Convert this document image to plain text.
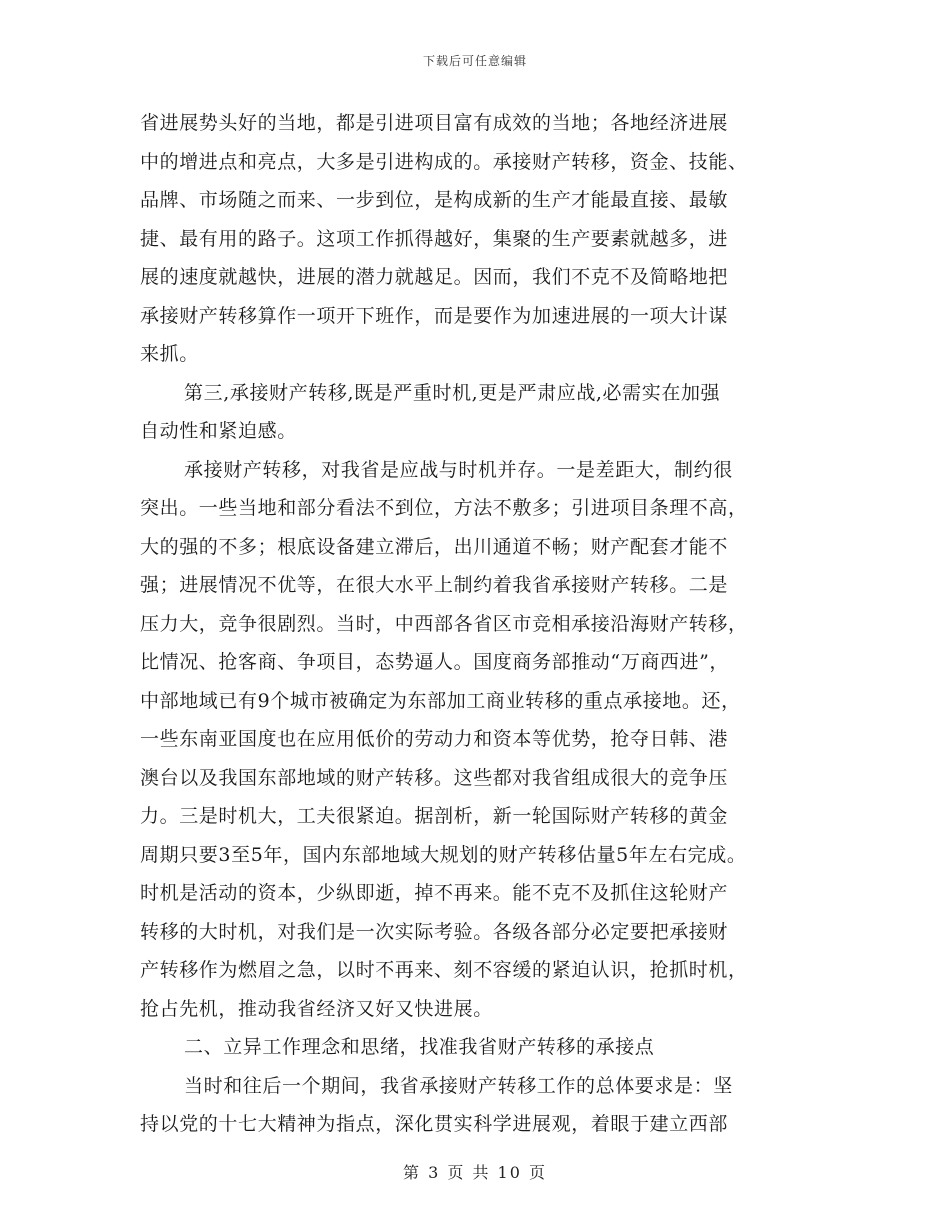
下载后可任意编辑
省进展势头好的当地，都是引进项目富有成效的当地；各地经济进展
中的增进点和亮点，大多是引进构成的。承接财产转移，资金、技能、
品牌、市场随之而来、一步到位，是构成新的生产才能最直接、最敏
捷、最有用的路子。这项工作抓得越好，集聚的生产要素就越多，进
展的速度就越快，进展的潜力就越足。因而，我们不克不及简略地把
承接财产转移算作一项开下班作，而是要作为加速进展的一项大计谋
来抓。
第三,承接财产转移,既是严重时机,更是严肃应战,必需实在加强
自动性和紧迫感。
承接财产转移，对我省是应战与时机并存。一是差距大，制约很
突出。一些当地和部分看法不到位，方法不敷多；引进项目条理不高，
大的强的不多；根底设备建立滞后，出川通道不畅；财产配套才能不
强；进展情况不优等，在很大水平上制约着我省承接财产转移。二是
压力大，竞争很剧烈。当时，中西部各省区市竞相承接沿海财产转移，
比情况、抢客商、争项目，态势逼人。国度商务部推动“万商西进”，
中部地域已有9个城市被确定为东部加工商业转移的重点承接地。还，
一些东南亚国度也在应用低价的劳动力和资本等优势，抢夺日韩、港
澳台以及我国东部地域的财产转移。这些都对我省组成很大的竞争压
力。三是时机大，工夫很紧迫。据剖析，新一轮国际财产转移的黄金
周期只要3至5年，国内东部地域大规划的财产转移估量5年左右完成。
时机是活动的资本，少纵即逝，掉不再来。能不克不及抓住这轮财产
转移的大时机，对我们是一次实际考验。各级各部分必定要把承接财
产转移作为燃眉之急，以时不再来、刻不容缓的紧迫认识，抢抓时机，
抢占先机，推动我省经济又好又快进展。
二、立异工作理念和思绪，找准我省财产转移的承接点
当时和往后一个期间，我省承接财产转移工作的总体要求是：坚
持以党的十七大精神为指点，深化贯实科学进展观，着眼于建立西部
第 3 页 共 10 页
